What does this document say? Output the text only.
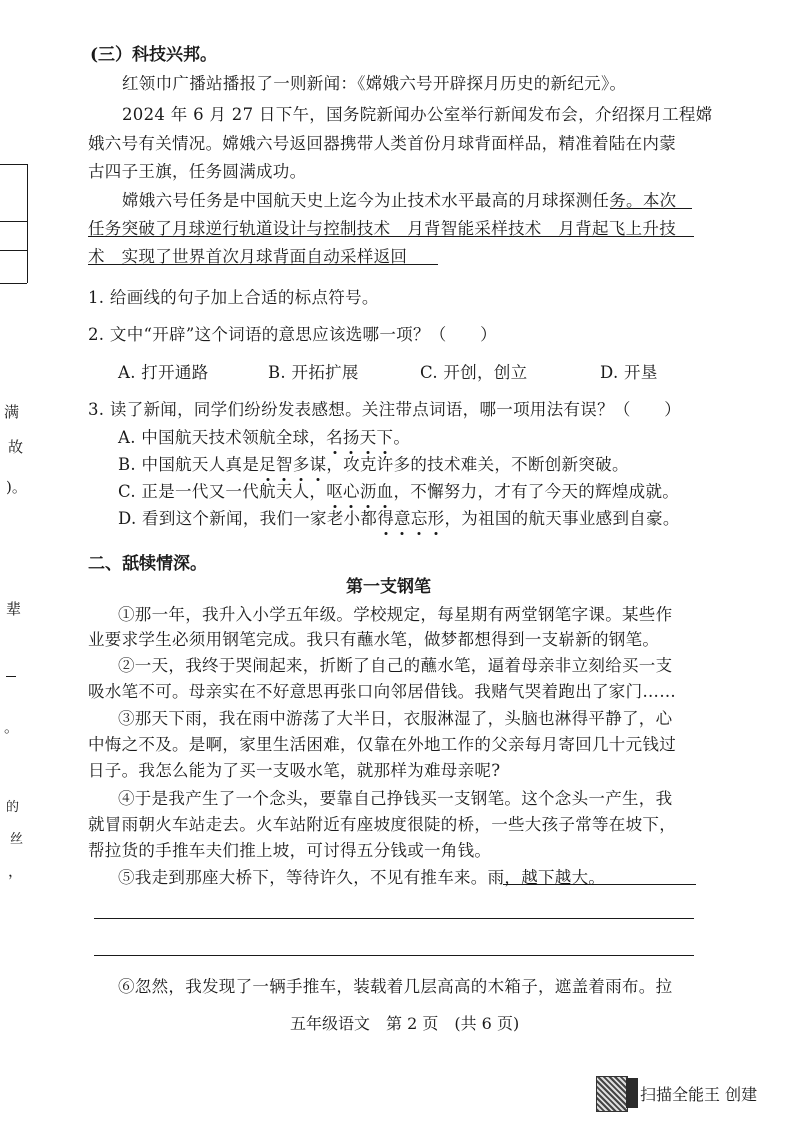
满
故
)。
辈
。
的
丝
，
(三）科技兴邦。
红领巾广播站播报了一则新闻：《嫦娥六号开辟探月历史的新纪元》。
2024 年 6 月 27 日下午，国务院新闻办公室举行新闻发布会，介绍探月工程嫦
娥六号有关情况。嫦娥六号返回器携带人类首份月球背面样品，精准着陆在内蒙
古四子王旗，任务圆满成功。
嫦娥六号任务是中国航天史上迄今为止技术水平最高的月球探测任务。本次
任务突破了月球逆行轨道设计与控制技术　月背智能采样技术　月背起飞上升技
术　实现了世界首次月球背面自动采样返回
1. 给画线的句子加上合适的标点符号。
2. 文中“开辟”这个词语的意思应该选哪一项？（　　）
A. 打开通路	B. 开拓扩展	C. 开创，创立	D. 开垦
3. 读了新闻，同学们纷纷发表感想。关注带点词语，哪一项用法有误？（　　）
A. 中国航天技术领航全球，名扬天下。
B. 中国航天人真是足智多谋，攻克许多的技术难关，不断创新突破。
C. 正是一代又一代航天人，呕心沥血，不懈努力，才有了今天的辉煌成就。
D. 看到这个新闻，我们一家老小都得意忘形，为祖国的航天事业感到自豪。
二、舐犊情深。
第一支钢笔
①那一年，我升入小学五年级。学校规定，每星期有两堂钢笔字课。某些作
业要求学生必须用钢笔完成。我只有蘸水笔，做梦都想得到一支崭新的钢笔。
②一天，我终于哭闹起来，折断了自己的蘸水笔，逼着母亲非立刻给买一支
吸水笔不可。母亲实在不好意思再张口向邻居借钱。我赌气哭着跑出了家门……
③那天下雨，我在雨中游荡了大半日，衣服淋湿了，头脑也淋得平静了，心
中悔之不及。是啊，家里生活困难，仅靠在外地工作的父亲每月寄回几十元钱过
日子。我怎么能为了买一支吸水笔，就那样为难母亲呢?
④于是我产生了一个念头，要靠自己挣钱买一支钢笔。这个念头一产生，我
就冒雨朝火车站走去。火车站附近有座坡度很陡的桥，一些大孩子常等在坡下，
帮拉货的手推车夫们推上坡，可讨得五分钱或一角钱。
⑤我走到那座大桥下，等待许久，不见有推车来。雨，越下越大。
⑥忽然，我发现了一辆手推车，装载着几层高高的木箱子，遮盖着雨布。拉
五年级语文　第 2 页　(共 6 页)
扫描全能王 创建
